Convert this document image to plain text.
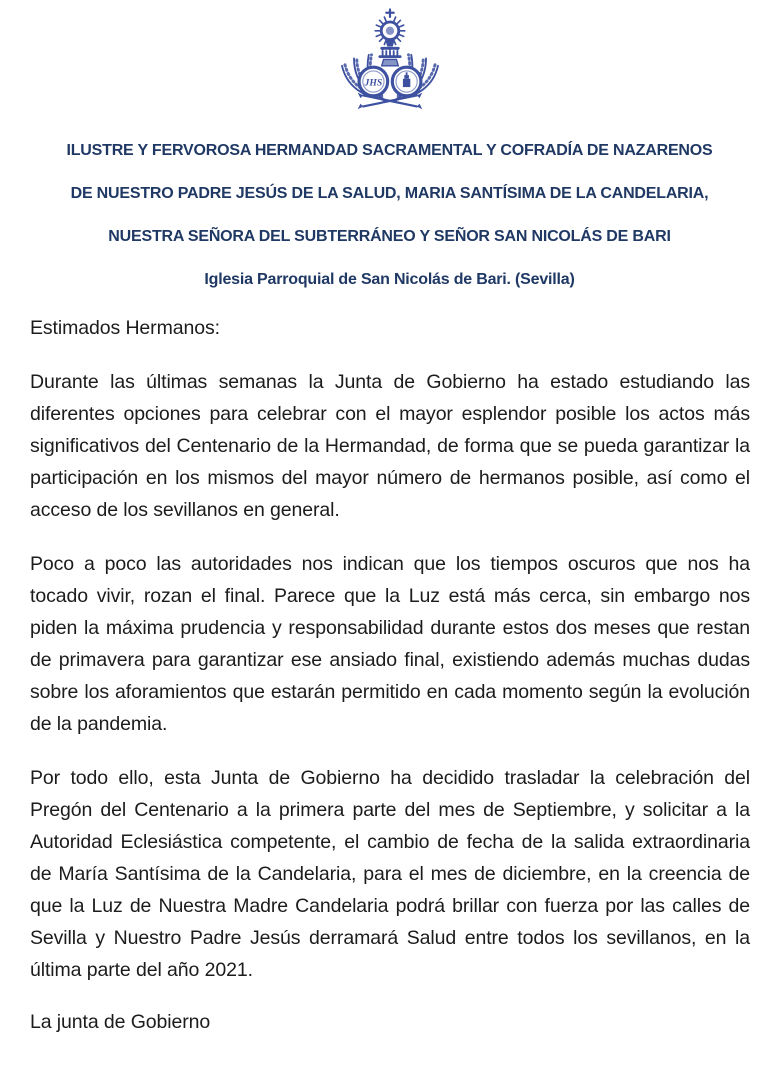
JHS
ILUSTRE Y FERVOROSA HERMANDAD SACRAMENTAL Y COFRADÍA DE NAZARENOS
DE NUESTRO PADRE JESÚS DE LA SALUD, MARIA SANTÍSIMA DE LA CANDELARIA,
NUESTRA SEÑORA DEL SUBTERRÁNEO Y SEÑOR SAN NICOLÁS DE BARI
Iglesia Parroquial de San Nicolás de Bari. (Sevilla)

Estimados Hermanos:

Durante las últimas semanas la Junta de Gobierno ha estado estudiando las diferentes opciones para celebrar con el mayor esplendor posible los actos más significativos del Centenario de la Hermandad, de forma que se pueda garantizar la participación en los mismos del mayor número de hermanos posible, así como el acceso de los sevillanos en general.

Poco a poco las autoridades nos indican que los tiempos oscuros que nos ha tocado vivir, rozan el final. Parece que la Luz está más cerca, sin embargo nos piden la máxima prudencia y responsabilidad durante estos dos meses que restan de primavera para garantizar ese ansiado final, existiendo además muchas dudas sobre los aforamientos que estarán permitido en cada momento según la evolución de la pandemia.

Por todo ello, esta Junta de Gobierno ha decidido trasladar la celebración del Pregón del Centenario a la primera parte del mes de Septiembre, y solicitar a la Autoridad Eclesiástica competente, el cambio de fecha de la salida extraordinaria de María Santísima de la Candelaria, para el mes de diciembre, en la creencia de que la Luz de Nuestra Madre Candelaria podrá brillar con fuerza por las calles de Sevilla y Nuestro Padre Jesús derramará Salud entre todos los sevillanos, en la última parte del año 2021.

La junta de Gobierno
